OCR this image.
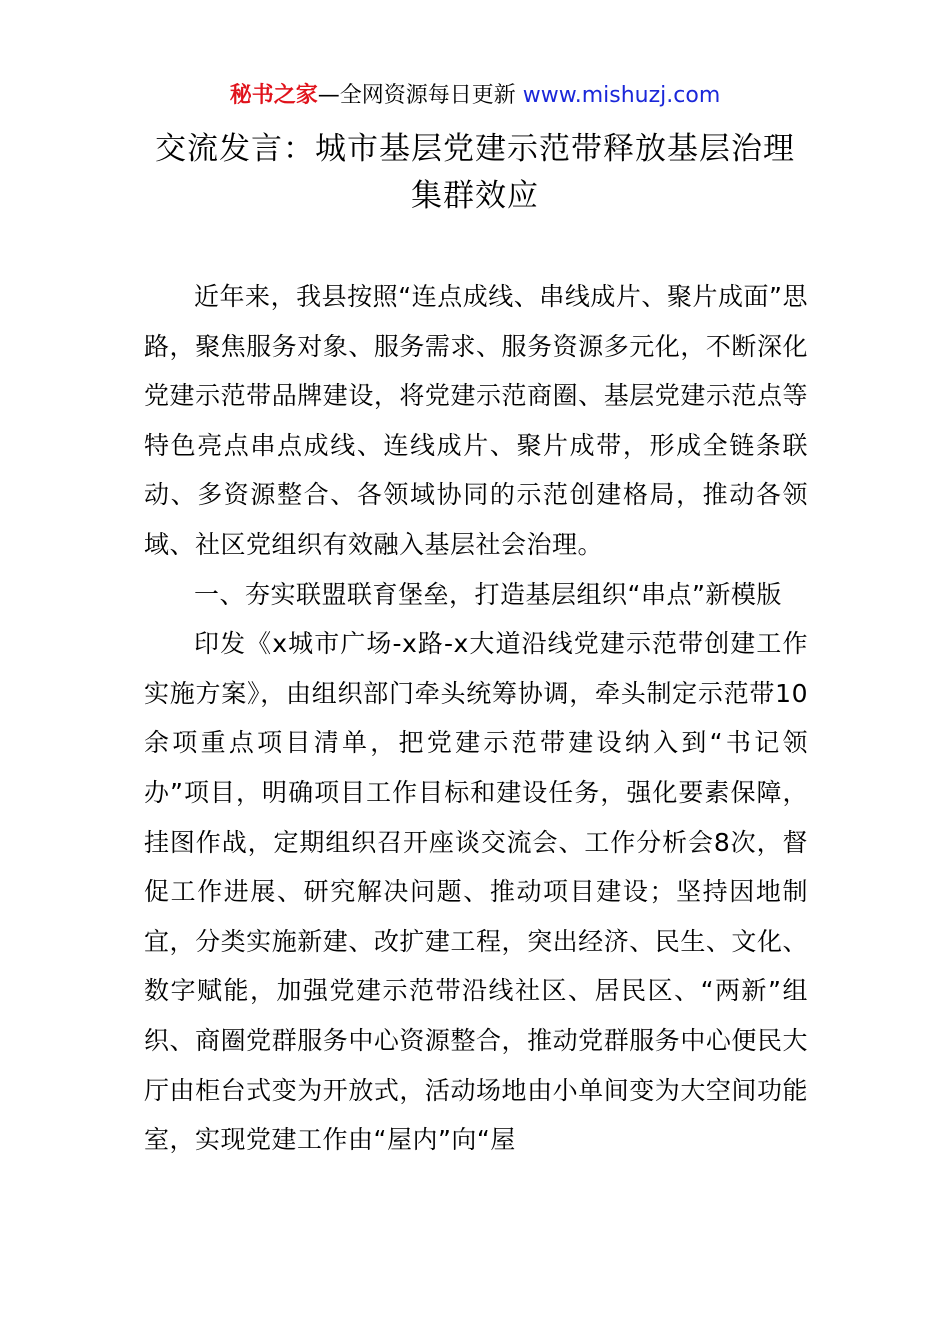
秘书之家—全网资源每日更新 www.mishuzj.com
交流发言：城市基层党建示范带释放基层治理
集群效应

近年来，我县按照“连点成线、串线成片、聚片成面”思路，聚焦服务对象、服务需求、服务资源多元化，不断深化党建示范带品牌建设，将党建示范商圈、基层党建示范点等特色亮点串点成线、连线成片、聚片成带，形成全链条联动、多资源整合、各领域协同的示范创建格局，推动各领域、社区党组织有效融入基层社会治理。

一、夯实联盟联育堡垒，打造基层组织“串点”新模版

印发《x城市广场-x路-x大道沿线党建示范带创建工作实施方案》，由组织部门牵头统筹协调，牵头制定示范带10余项重点项目清单，把党建示范带建设纳入到“书记领办”项目，明确项目工作目标和建设任务，强化要素保障，挂图作战，定期组织召开座谈交流会、工作分析会8次，督促工作进展、研究解决问题、推动项目建设；坚持因地制宜，分类实施新建、改扩建工程，突出经济、民生、文化、数字赋能，加强党建示范带沿线社区、居民区、“两新”组织、商圈党群服务中心资源整合，推动党群服务中心便民大厅由柜台式变为开放式，活动场地由小单间变为大空间功能室，实现党建工作由“屋内”向“屋
